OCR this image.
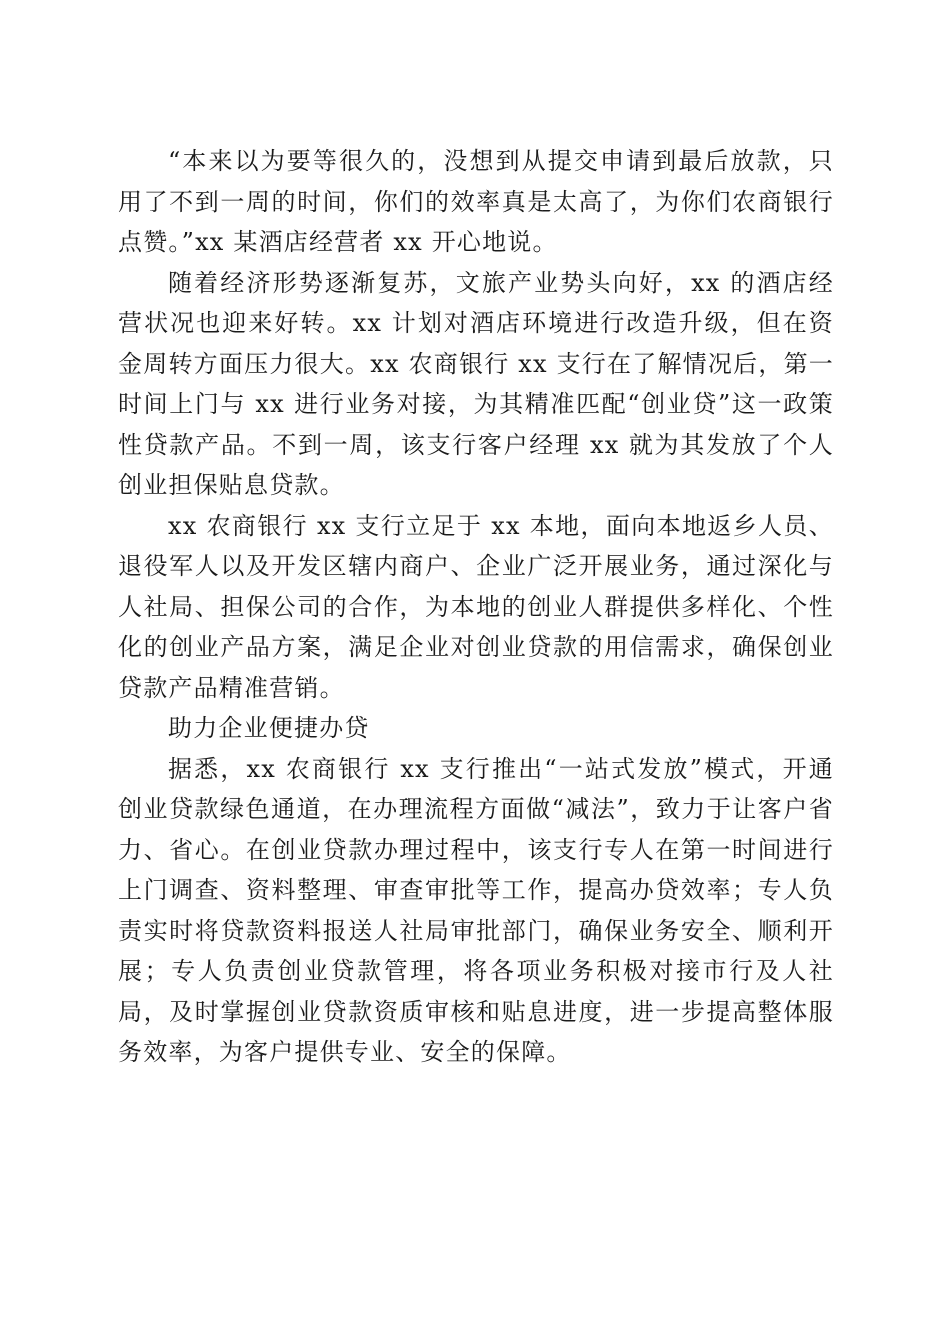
“本来以为要等很久的，没想到从提交申请到最后放款，只用了不到一周的时间，你们的效率真是太高了，为你们农商银行点赞。”xx 某酒店经营者 xx 开心地说。

随着经济形势逐渐复苏，文旅产业势头向好，xx 的酒店经营状况也迎来好转。xx 计划对酒店环境进行改造升级，但在资金周转方面压力很大。xx 农商银行 xx 支行在了解情况后，第一时间上门与 xx 进行业务对接，为其精准匹配“创业贷”这一政策性贷款产品。不到一周，该支行客户经理 xx 就为其发放了个人创业担保贴息贷款。

xx 农商银行 xx 支行立足于 xx 本地，面向本地返乡人员、退役军人以及开发区辖内商户、企业广泛开展业务，通过深化与人社局、担保公司的合作，为本地的创业人群提供多样化、个性化的创业产品方案，满足企业对创业贷款的用信需求，确保创业贷款产品精准营销。

助力企业便捷办贷

据悉，xx 农商银行 xx 支行推出“一站式发放”模式，开通创业贷款绿色通道，在办理流程方面做“减法”，致力于让客户省力、省心。在创业贷款办理过程中，该支行专人在第一时间进行上门调查、资料整理、审查审批等工作，提高办贷效率；专人负责实时将贷款资料报送人社局审批部门，确保业务安全、顺利开展；专人负责创业贷款管理，将各项业务积极对接市行及人社局，及时掌握创业贷款资质审核和贴息进度，进一步提高整体服务效率，为客户提供专业、安全的保障。
